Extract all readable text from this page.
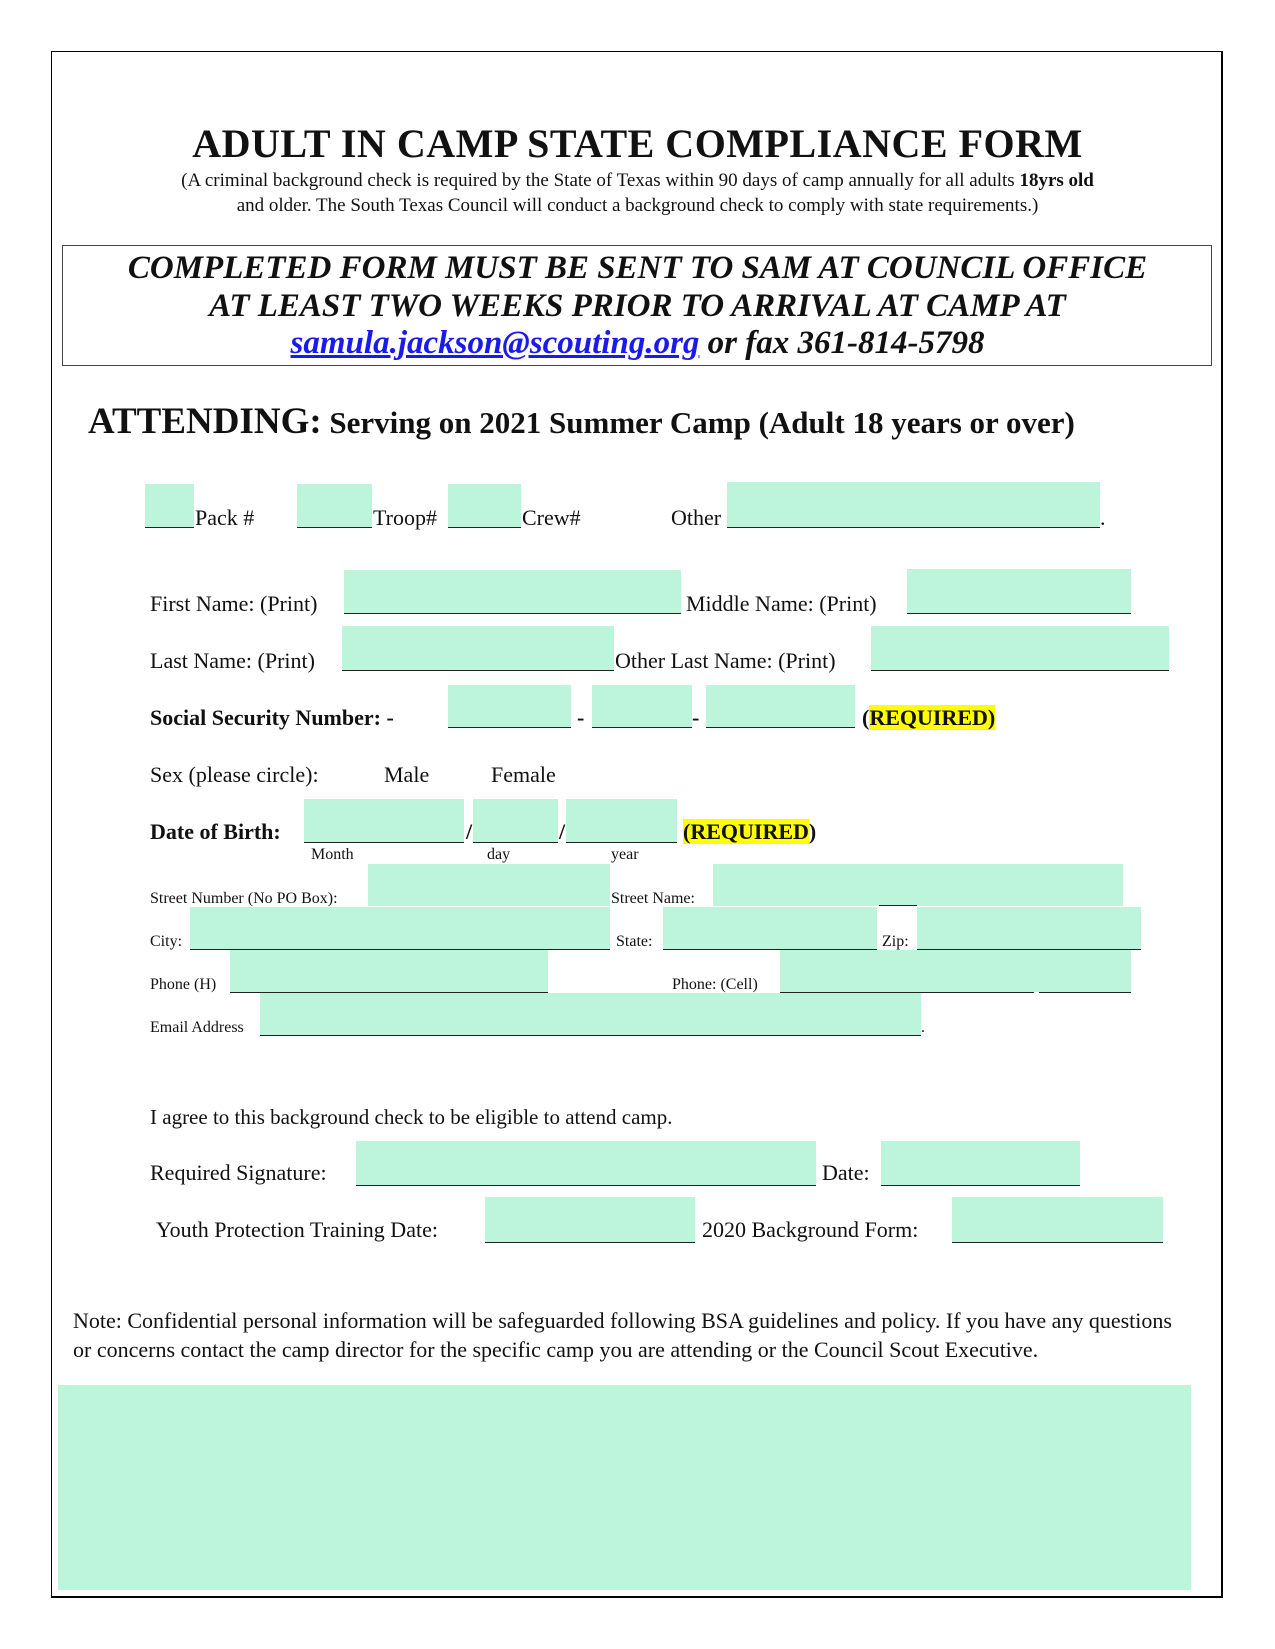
ADULT IN CAMP STATE COMPLIANCE FORM
(A criminal background check is required by the State of Texas within 90 days of camp annually for all adults 18yrs old
and older. The South Texas Council will conduct a background check to comply with state requirements.)
COMPLETED FORM MUST BE SENT TO SAM AT COUNCIL OFFICE
AT LEAST TWO WEEKS PRIOR TO ARRIVAL AT CAMP AT
samula.jackson@scouting.org or fax 361-814-5798
ATTENDING: Serving on 2021 Summer Camp (Adult 18 years or over)
Pack #	Troop#	Crew#	Other	.
First Name: (Print)	Middle Name: (Print)
Last Name: (Print)	Other Last Name: (Print)
Social Security Number: -	-	-	(REQUIRED)
Sex (please circle):	Male	Female
Date of Birth:	/	/	(REQUIRED)
Month	day	year
Street Number (No PO Box):	Street Name:
City:	State:	Zip:
Phone (H)	Phone: (Cell)
Email Address	.
I agree to this background check to be eligible to attend camp.
Required Signature:	Date:
Youth Protection Training Date:	2020 Background Form:
Note: Confidential personal information will be safeguarded following BSA guidelines and policy. If you have any questions or concerns contact the camp director for the specific camp you are attending or the Council Scout Executive.
